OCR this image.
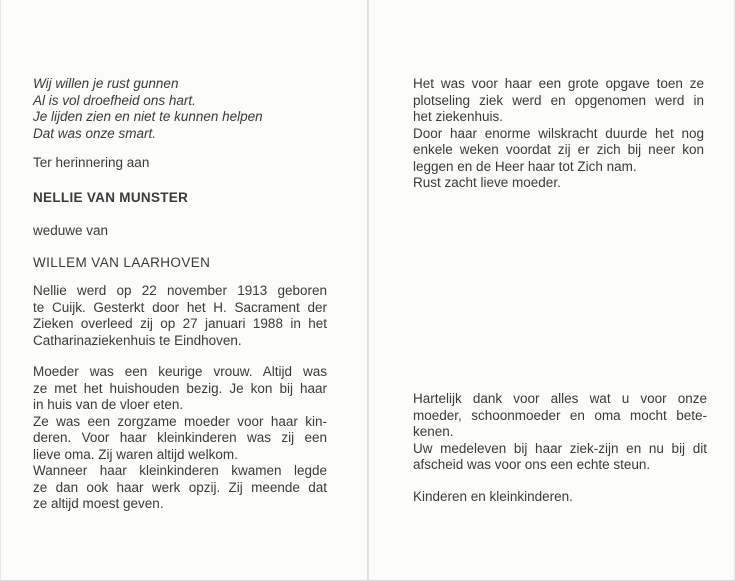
Wij willen je rust gunnen
Al is vol droefheid ons hart.
Je lijden zien en niet te kunnen helpen
Dat was onze smart.
Ter herinnering aan
NELLIE VAN MUNSTER
weduwe van
WILLEM VAN LAARHOVEN
Nellie werd op 22 november 1913 geboren
te Cuijk. Gesterkt door het H. Sacrament der
Zieken overleed zij op 27 januari 1988 in het
Catharinaziekenhuis te Eindhoven.
Moeder was een keurige vrouw. Altijd was
ze met het huishouden bezig. Je kon bij haar
in huis van de vloer eten.
Ze was een zorgzame moeder voor haar kin-
deren. Voor haar kleinkinderen was zij een
lieve oma. Zij waren altijd welkom.
Wanneer haar kleinkinderen kwamen legde
ze dan ook haar werk opzij. Zij meende dat
ze altijd moest geven.
Het was voor haar een grote opgave toen ze
plotseling ziek werd en opgenomen werd in
het ziekenhuis.
Door haar enorme wilskracht duurde het nog
enkele weken voordat zij er zich bij neer kon
leggen en de Heer haar tot Zich nam.
Rust zacht lieve moeder.
Hartelijk dank voor alles wat u voor onze
moeder, schoonmoeder en oma mocht bete-
kenen.
Uw medeleven bij haar ziek-zijn en nu bij dit
afscheid was voor ons een echte steun.
Kinderen en kleinkinderen.
